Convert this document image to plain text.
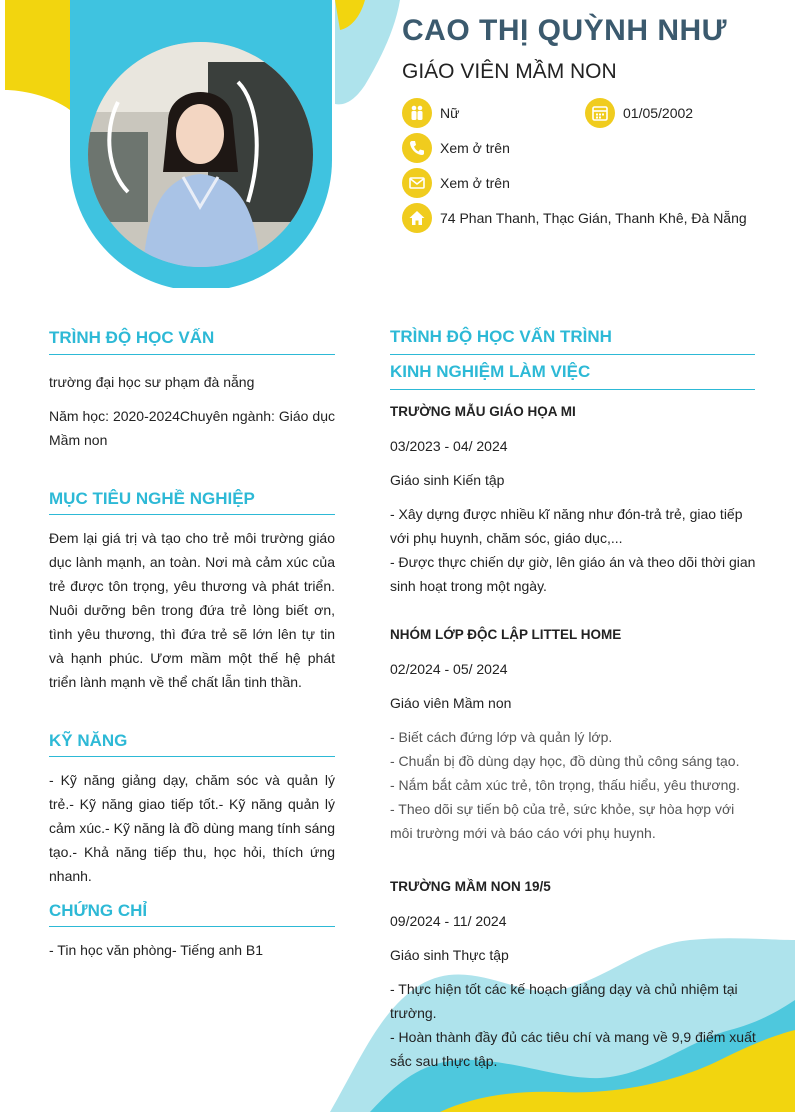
CAO THỊ QUỲNH NHƯ
GIÁO VIÊN MẦM NON
Nữ	01/05/2002
Xem ở trên
Xem ở trên
74 Phan Thanh, Thạc Gián, Thanh Khê, Đà Nẵng
TRÌNH ĐỘ HỌC VẤN
trường đại học sư phạm đà nẵng
Năm học: 2020-2024Chuyên ngành: Giáo dục Mầm non
MỤC TIÊU NGHỀ NGHIỆP
Đem lại giá trị và tạo cho trẻ môi trường giáo dục lành mạnh, an toàn. Nơi mà cảm xúc của trẻ được tôn trọng, yêu thương và phát triển. Nuôi dưỡng bên trong đứa trẻ lòng biết ơn, tình yêu thương, thì đứa trẻ sẽ lớn lên tự tin và hạnh phúc. Ươm mầm một thế hệ phát triển lành mạnh về thể chất lẫn tinh thần.
KỸ NĂNG
- Kỹ năng giảng dạy, chăm sóc và quản lý trẻ.- Kỹ năng giao tiếp tốt.- Kỹ năng quản lý cảm xúc.- Kỹ năng là đồ dùng mang tính sáng tạo.- Khả năng tiếp thu, học hỏi, thích ứng nhanh.
CHỨNG CHỈ
- Tin học văn phòng- Tiếng anh B1
TRÌNH ĐỘ HỌC VẤN TRÌNH
KINH NGHIỆM LÀM VIỆC
TRƯỜNG MẪU GIÁO HỌA MI
03/2023 - 04/ 2024
Giáo sinh Kiến tập
- Xây dựng được nhiều kĩ năng như đón-trả trẻ, giao tiếp với phụ huynh, chăm sóc, giáo dục,...
- Được thực chiến dự giờ, lên giáo án và theo dõi thời gian sinh hoạt trong một ngày.
NHÓM LỚP ĐỘC LẬP LITTEL HOME
02/2024 - 05/ 2024
Giáo viên Mầm non
- Biết cách đứng lớp và quản lý lớp.
- Chuẩn bị đồ dùng dạy học, đồ dùng thủ công sáng tạo.
- Nắm bắt cảm xúc trẻ, tôn trọng, thấu hiểu, yêu thương.
- Theo dõi sự tiến bộ của trẻ, sức khỏe, sự hòa hợp với môi trường mới và báo cáo với phụ huynh.
TRƯỜNG MẦM NON 19/5
09/2024 - 11/ 2024
Giáo sinh Thực tập
- Thực hiện tốt các kế hoạch giảng dạy và chủ nhiệm tại trường.
- Hoàn thành đầy đủ các tiêu chí và mang về 9,9 điểm xuất sắc sau thực tập.
